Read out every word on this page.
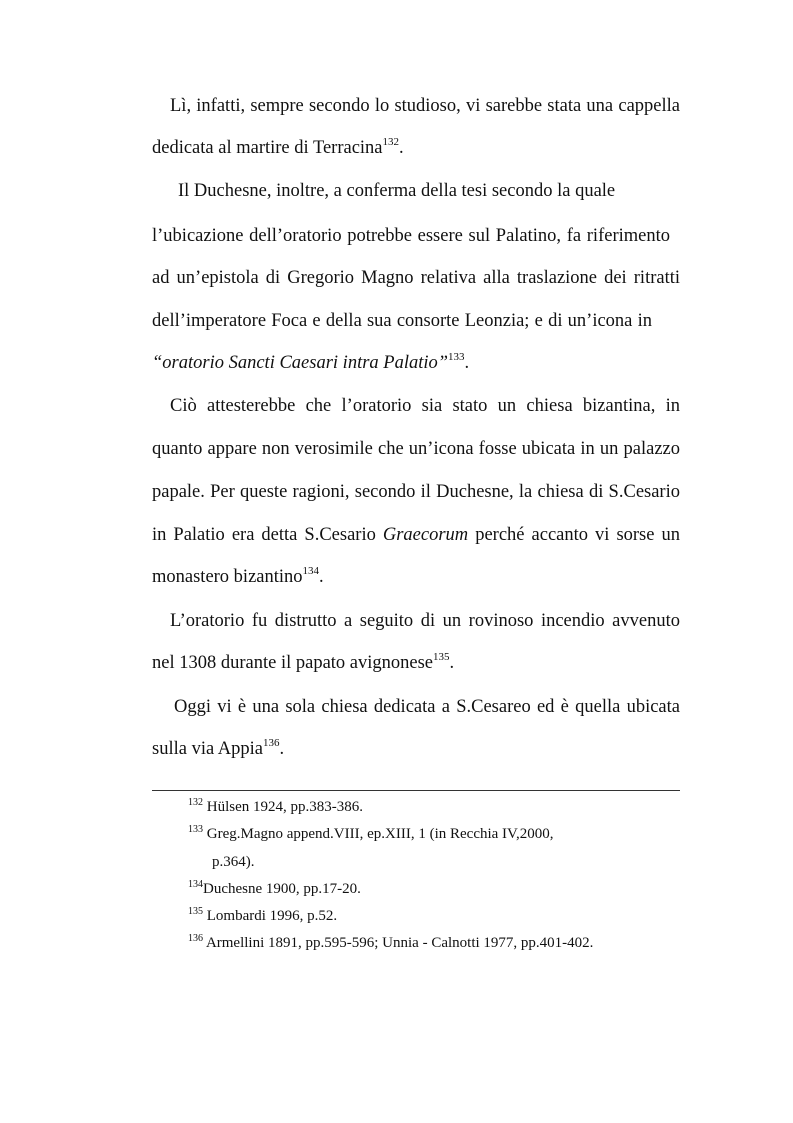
Lì, infatti, sempre secondo lo studioso, vi sarebbe stata una cappella
dedicata al martire di Terracina$^{132}$.
Il Duchesne, inoltre, a conferma della tesi secondo la quale
l’ubicazione dell’oratorio potrebbe essere sul Palatino, fa riferimento
ad un’epistola di Gregorio Magno relativa alla traslazione dei ritratti
dell’imperatore Foca e della sua consorte Leonzia; e di un’icona in
“oratorio Sancti Caesari intra Palatio”$^{133}$.
Ciò attesterebbe che l’oratorio sia stato un chiesa bizantina, in
quanto appare non verosimile che un’icona fosse ubicata in un palazzo
papale. Per queste ragioni, secondo il Duchesne, la chiesa di S.Cesario
in Palatio era detta S.Cesario Graecorum perché accanto vi sorse un
monastero bizantino$^{134}$.
L’oratorio fu distrutto a seguito di un rovinoso incendio avvenuto
nel 1308 durante il papato avignonese$^{135}$.
Oggi vi è una sola chiesa dedicata a S.Cesareo ed è quella ubicata
sulla via Appia$^{136}$.
$^{132}$ Hülsen 1924, pp.383-386.
$^{133}$ Greg.Magno append.VIII, ep.XIII, 1 (in Recchia IV,2000,
p.364).
$^{134}$Duchesne 1900, pp.17-20.
$^{135}$ Lombardi 1996, p.52.
$^{136}$ Armellini 1891, pp.595-596; Unnia - Calnotti 1977, pp.401-402.
